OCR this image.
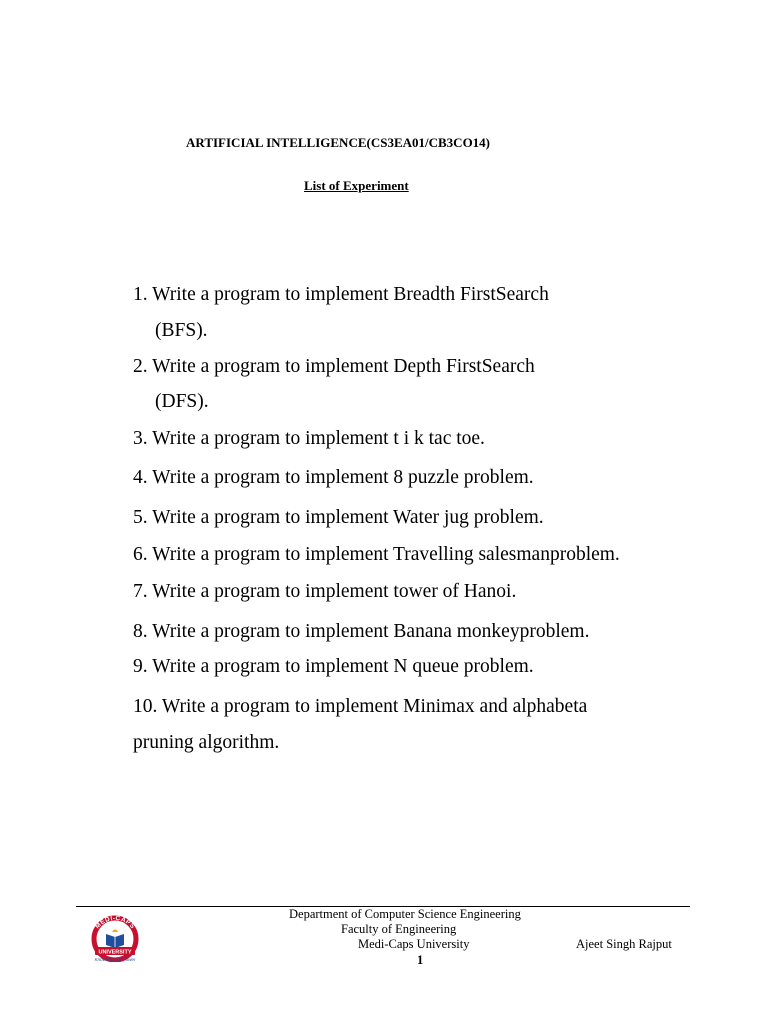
ARTIFICIAL INTELLIGENCE(CS3EA01/CB3CO14)
List of Experiment
1. Write a program to implement Breadth FirstSearch
(BFS).
2. Write a program to implement Depth FirstSearch
(DFS).
3. Write a program to implement t i k tac toe.
4. Write a program to implement 8 puzzle problem.
5. Write a program to implement Water jug problem.
6. Write a program to implement Travelling salesmanproblem.
7. Write a program to implement tower of Hanoi.
8. Write a program to implement Banana monkeyproblem.
9. Write a program to implement N queue problem.
10. Write a program to implement Minimax and alphabeta
pruning algorithm.
MEDI-CAPS
UNIVERSITY
Knowledge is Power
Department of Computer Science Engineering
Faculty of Engineering
Medi-Caps University	Ajeet Singh Rajput
1
